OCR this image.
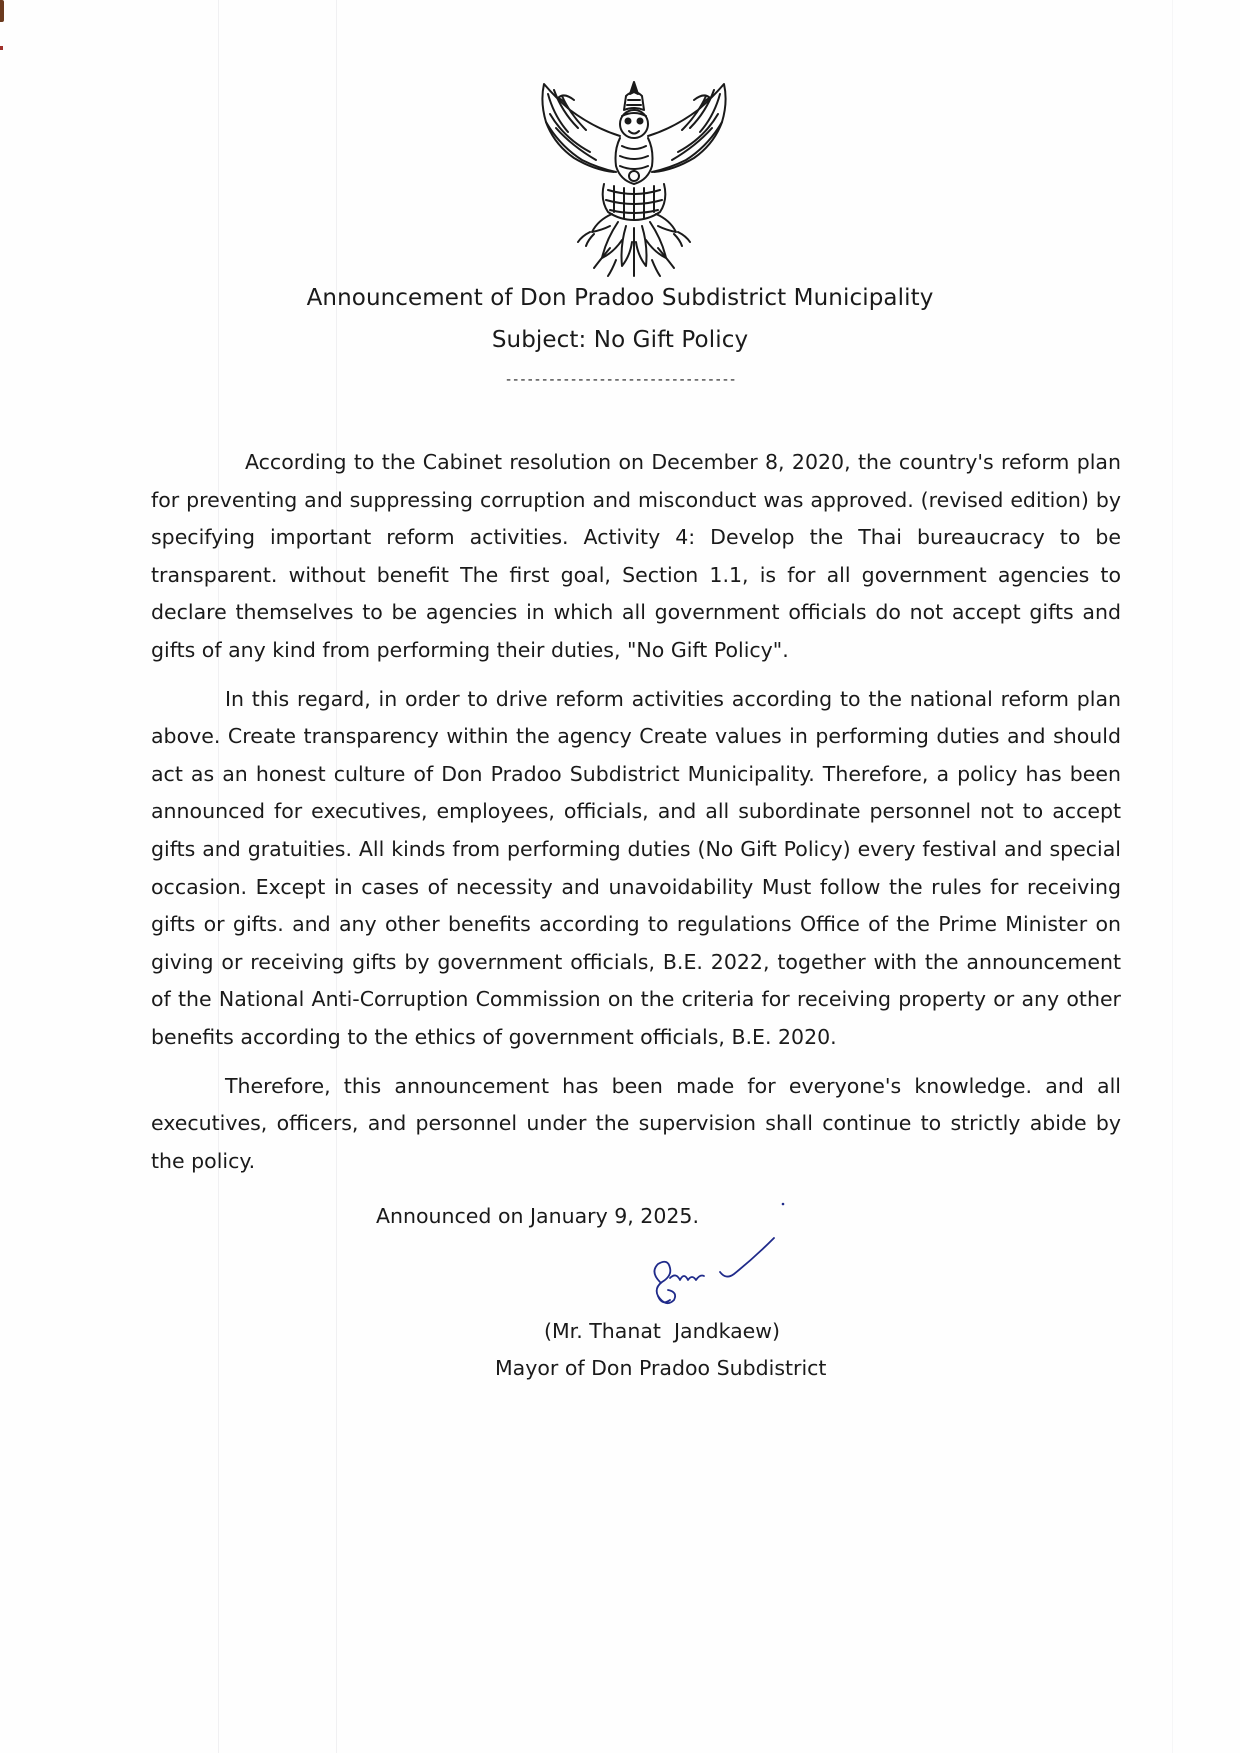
Announcement of Don Pradoo Subdistrict Municipality
Subject: No Gift Policy
--------------------------------

According to the Cabinet resolution on December 8, 2020, the country's reform plan for preventing and suppressing corruption and misconduct was approved. (revised edition) by specifying important reform activities. Activity 4: Develop the Thai bureaucracy to be transparent. without benefit The first goal, Section 1.1, is for all government agencies to declare themselves to be agencies in which all government officials do not accept gifts and gifts of any kind from performing their duties, "No Gift Policy".

In this regard, in order to drive reform activities according to the national reform plan above. Create transparency within the agency Create values in performing duties and should act as an honest culture of Don Pradoo Subdistrict Municipality. Therefore, a policy has been announced for executives, employees, officials, and all subordinate personnel not to accept gifts and gratuities. All kinds from performing duties (No Gift Policy) every festival and special occasion. Except in cases of necessity and unavoidability Must follow the rules for receiving gifts or gifts. and any other benefits according to regulations Office of the Prime Minister on giving or receiving gifts by government officials, B.E. 2022, together with the announcement of the National Anti-Corruption Commission on the criteria for receiving property or any other benefits according to the ethics of government officials, B.E. 2020.

Therefore, this announcement has been made for everyone's knowledge. and all executives, officers, and personnel under the supervision shall continue to strictly abide by the policy.

Announced on January 9, 2025.
(Mr. Thanat  Jandkaew)
Mayor of Don Pradoo Subdistrict
